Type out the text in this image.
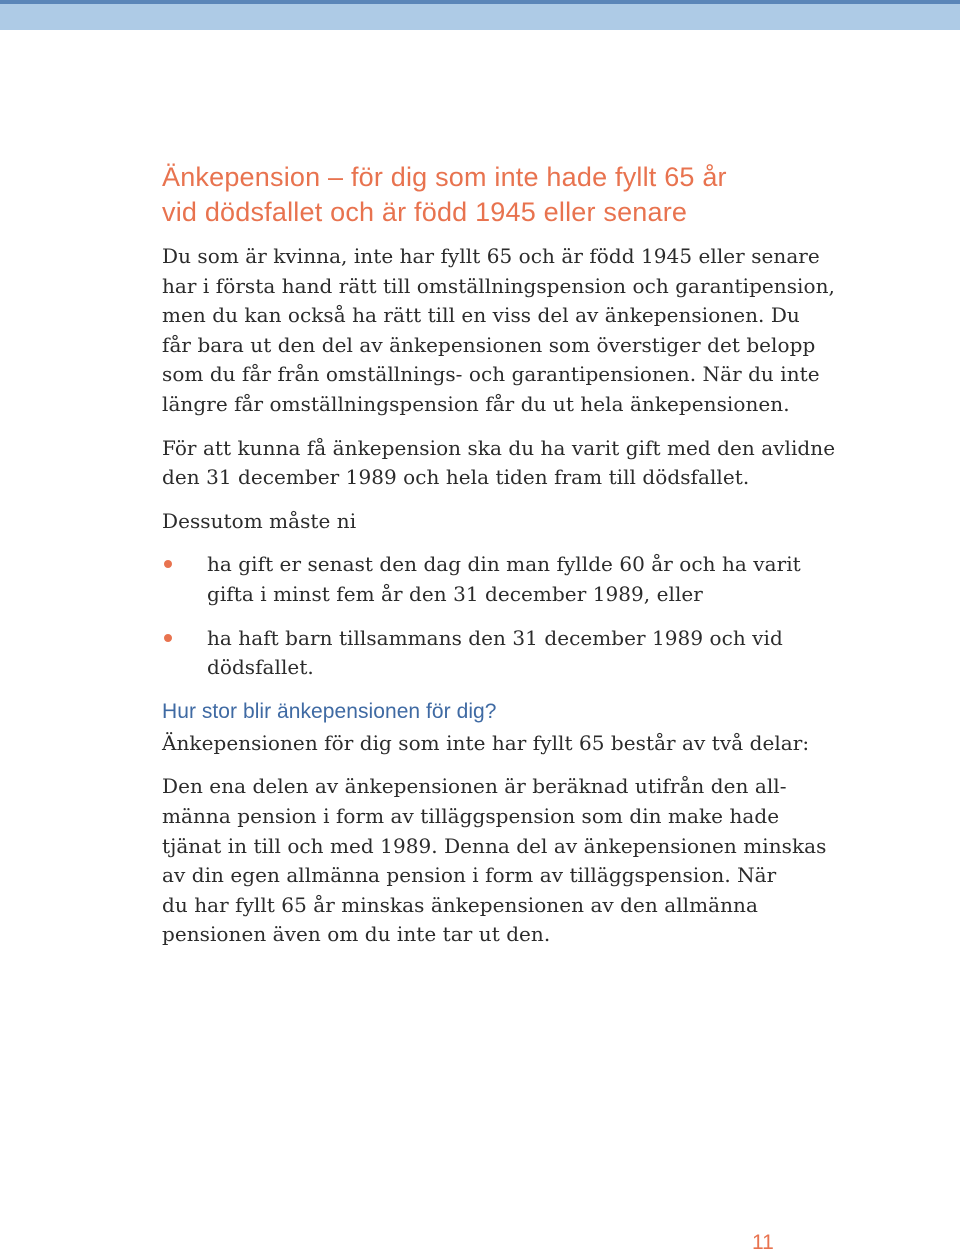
Änkepension – för dig som inte hade fyllt 65 år
vid dödsfallet och är född 1945 eller senare

Du som är kvinna, inte har fyllt 65 och är född 1945 eller senare
har i första hand rätt till omställningspension och garantipension,
men du kan också ha rätt till en viss del av änkepensionen. Du
får bara ut den del av änkepensionen som överstiger det belopp
som du får från omställnings- och garantipensionen. När du inte
längre får omställningspension får du ut hela änkepensionen.

För att kunna få änkepension ska du ha varit gift med den avlidne
den 31 december 1989 och hela tiden fram till dödsfallet.

Dessutom måste ni

ha gift er senast den dag din man fyllde 60 år och ha varit
gifta i minst fem år den 31 december 1989, eller
ha haft barn tillsammans den 31 december 1989 och vid
dödsfallet.
Hur stor blir änkepensionen för dig?

Änkepensionen för dig som inte har fyllt 65 består av två delar:

Den ena delen av änkepensionen är beräknad utifrån den all-
männa pension i form av tilläggspension som din make hade
tjänat in till och med 1989. Denna del av änkepensionen minskas
av din egen allmänna pension i form av tilläggspension. När
du har fyllt 65 år minskas änkepensionen av den allmänna
pensionen även om du inte tar ut den.

11
